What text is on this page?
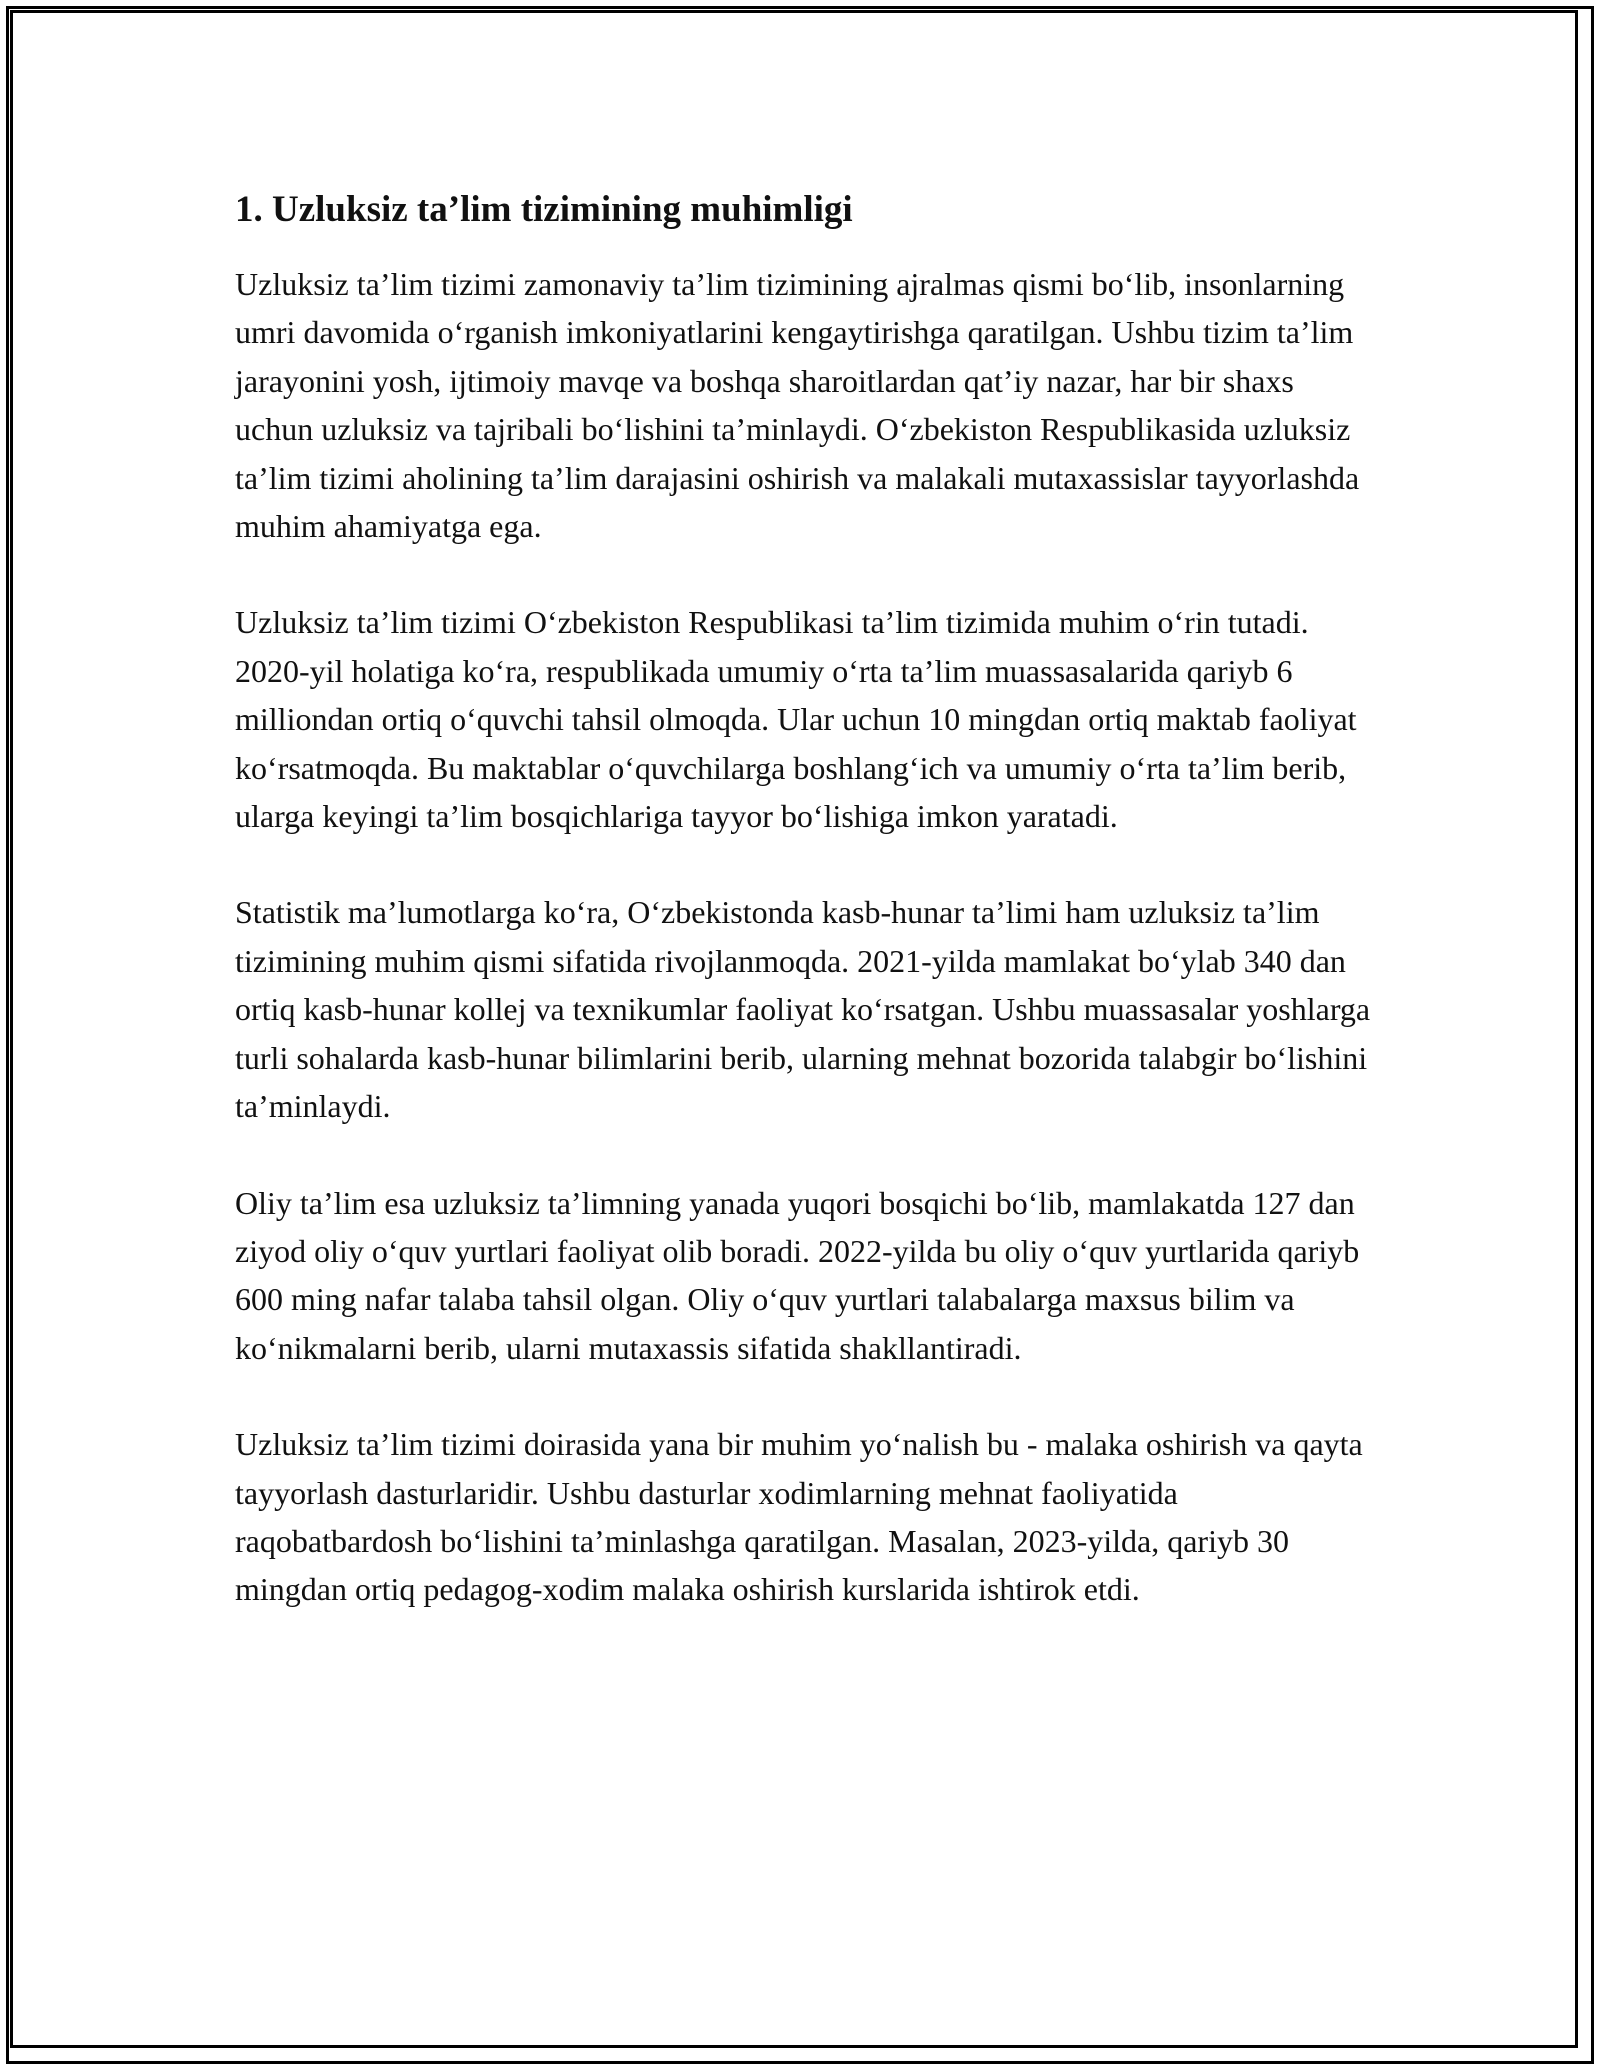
1. Uzluksiz ta’lim tizimining muhimligi

Uzluksiz ta’lim tizimi zamonaviy ta’lim tizimining ajralmas qismi bo‘lib, insonlarning umri davomida o‘rganish imkoniyatlarini kengaytirishga qaratilgan. Ushbu tizim ta’lim jarayonini yosh, ijtimoiy mavqe va boshqa sharoitlardan qat’iy nazar, har bir shaxs uchun uzluksiz va tajribali bo‘lishini ta’minlaydi. O‘zbekiston Respublikasida uzluksiz ta’lim tizimi aholining ta’lim darajasini oshirish va malakali mutaxassislar tayyorlashda muhim ahamiyatga ega.

Uzluksiz ta’lim tizimi O‘zbekiston Respublikasi ta’lim tizimida muhim o‘rin tutadi. 2020-yil holatiga ko‘ra, respublikada umumiy o‘rta ta’lim muassasalarida qariyb 6 milliondan ortiq o‘quvchi tahsil olmoqda. Ular uchun 10 mingdan ortiq maktab faoliyat ko‘rsatmoqda. Bu maktablar o‘quvchilarga boshlang‘ich va umumiy o‘rta ta’lim berib, ularga keyingi ta’lim bosqichlariga tayyor bo‘lishiga imkon yaratadi.

Statistik ma’lumotlarga ko‘ra, O‘zbekistonda kasb-hunar ta’limi ham uzluksiz ta’lim tizimining muhim qismi sifatida rivojlanmoqda. 2021-yilda mamlakat bo‘ylab 340 dan ortiq kasb-hunar kollej va texnikumlar faoliyat ko‘rsatgan. Ushbu muassasalar yoshlarga turli sohalarda kasb-hunar bilimlarini berib, ularning mehnat bozorida talabgir bo‘lishini ta’minlaydi.

Oliy ta’lim esa uzluksiz ta’limning yanada yuqori bosqichi bo‘lib, mamlakatda 127 dan ziyod oliy o‘quv yurtlari faoliyat olib boradi. 2022-yilda bu oliy o‘quv yurtlarida qariyb 600 ming nafar talaba tahsil olgan. Oliy o‘quv yurtlari talabalarga maxsus bilim va ko‘nikmalarni berib, ularni mutaxassis sifatida shakllantiradi.

Uzluksiz ta’lim tizimi doirasida yana bir muhim yo‘nalish bu - malaka oshirish va qayta tayyorlash dasturlaridir. Ushbu dasturlar xodimlarning mehnat faoliyatida raqobatbardosh bo‘lishini ta’minlashga qaratilgan. Masalan, 2023-yilda, qariyb 30 mingdan ortiq pedagog-xodim malaka oshirish kurslarida ishtirok etdi.
